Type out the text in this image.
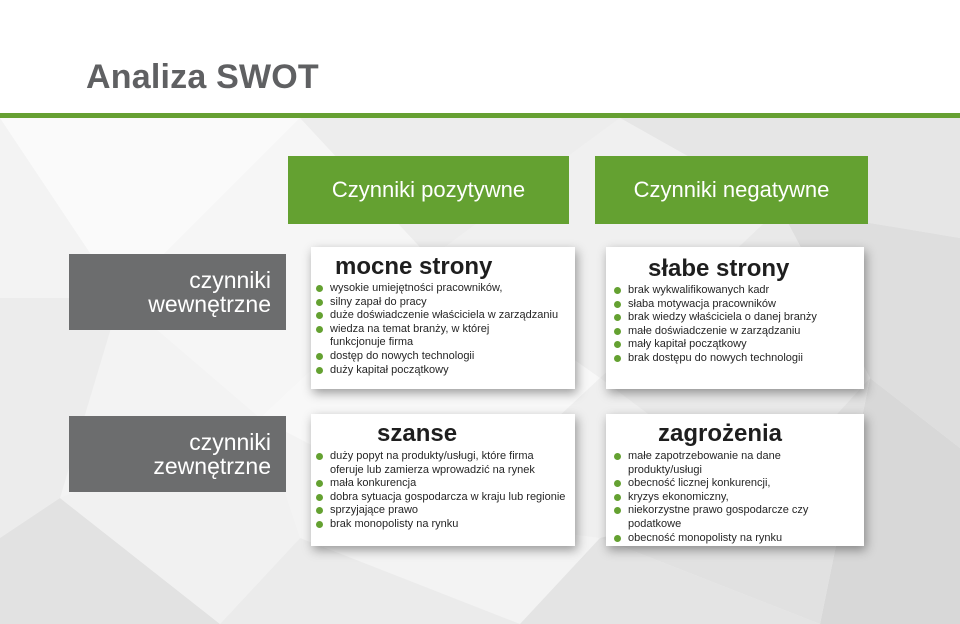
Analiza SWOT
Czynniki pozytywne	Czynniki negatywne
czynniki
wewnętrzne
czynniki
zewnętrzne
mocne strony
wysokie umiejętności pracowników,
silny zapał do pracy
duże doświadczenie właściciela w zarządzaniu
wiedza na temat branży, w której funkcjonuje firma
dostęp do nowych technologii
duży kapitał początkowy
słabe strony
brak wykwalifikowanych kadr
słaba motywacja pracowników
brak wiedzy właściciela o danej branży
małe doświadczenie w zarządzaniu
mały kapitał początkowy
brak dostępu do nowych technologii
szanse
duży popyt na produkty/usługi, które firma oferuje lub zamierza wprowadzić na rynek
mała konkurencja
dobra sytuacja gospodarcza w kraju lub regionie
sprzyjające prawo
brak monopolisty na rynku
zagrożenia
małe zapotrzebowanie na dane produkty/usługi
obecność licznej konkurencji,
kryzys ekonomiczny,
niekorzystne prawo gospodarcze czy podatkowe
obecność monopolisty na rynku
